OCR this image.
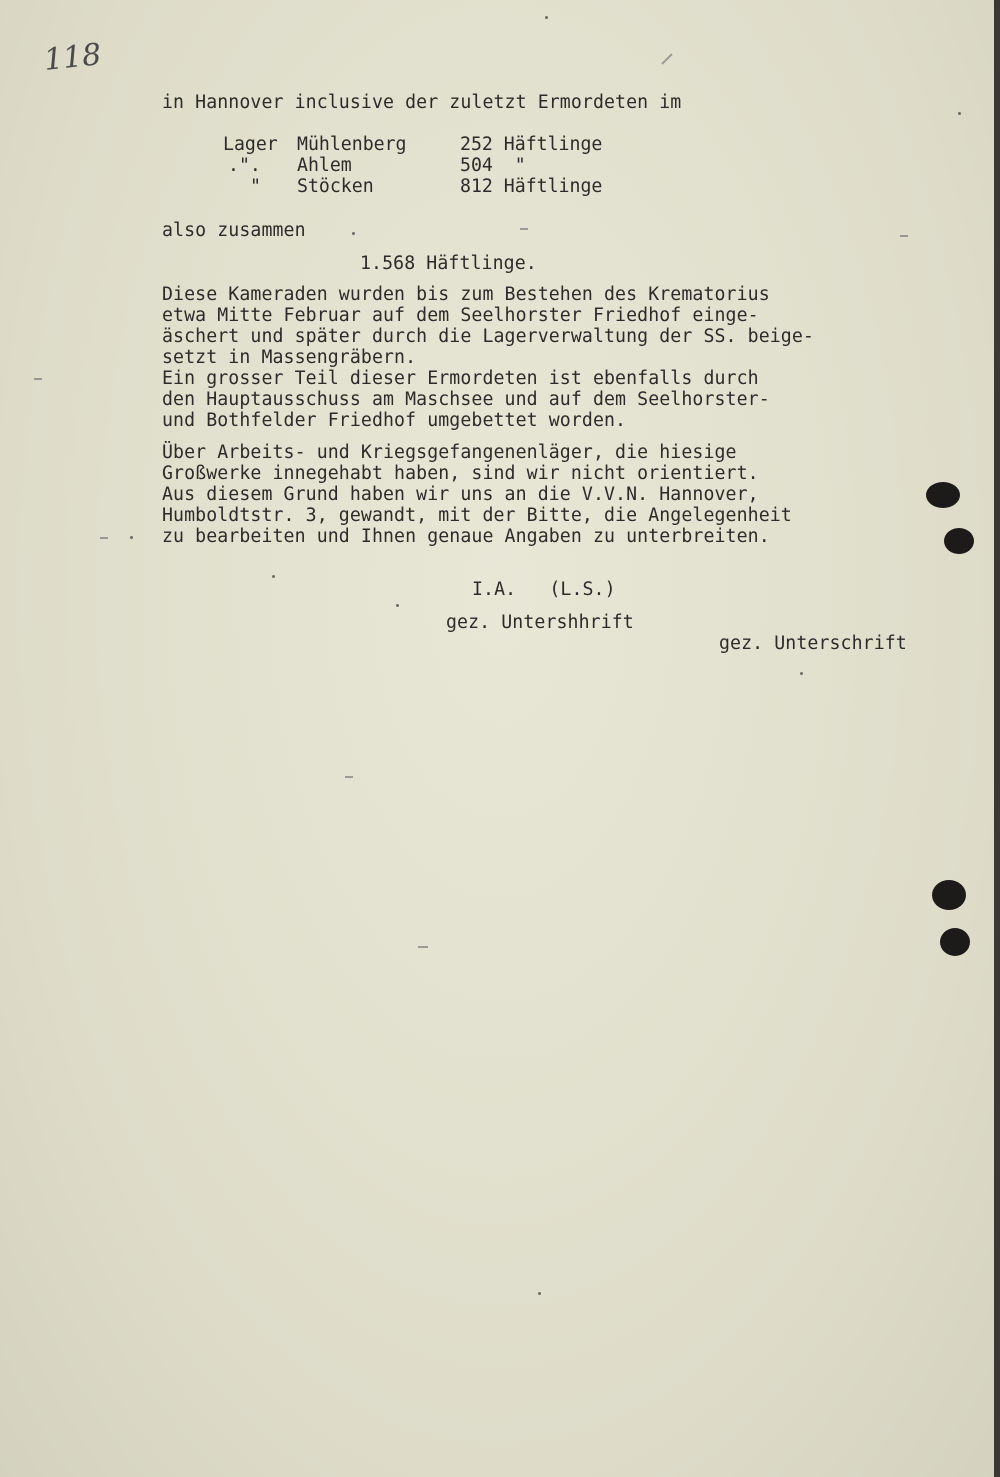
118
in Hannover inclusive der zuletzt Ermordeten im
Lager Mühlenberg	252 Häftlinge
.". Ahlem	504  "
" Stöcken	812 Häftlinge
also zusammen
1.568 Häftlinge.
Diese Kameraden wurden bis zum Bestehen des Krematorius
etwa Mitte Februar auf dem Seelhorster Friedhof einge-
äschert und später durch die Lagerverwaltung der SS. beige-
setzt in Massengräbern.
Ein grosser Teil dieser Ermordeten ist ebenfalls durch
den Hauptausschuss am Maschsee und auf dem Seelhorster-
und Bothfelder Friedhof umgebettet worden.
Über Arbeits- und Kriegsgefangenenläger, die hiesige
Großwerke innegehabt haben, sind wir nicht orientiert.
Aus diesem Grund haben wir uns an die V.V.N. Hannover,
Humboldtstr. 3, gewandt, mit der Bitte, die Angelegenheit
zu bearbeiten und Ihnen genaue Angaben zu unterbreiten.
I.A.   (L.S.)
gez. Untershhrift
gez. Unterschrift
